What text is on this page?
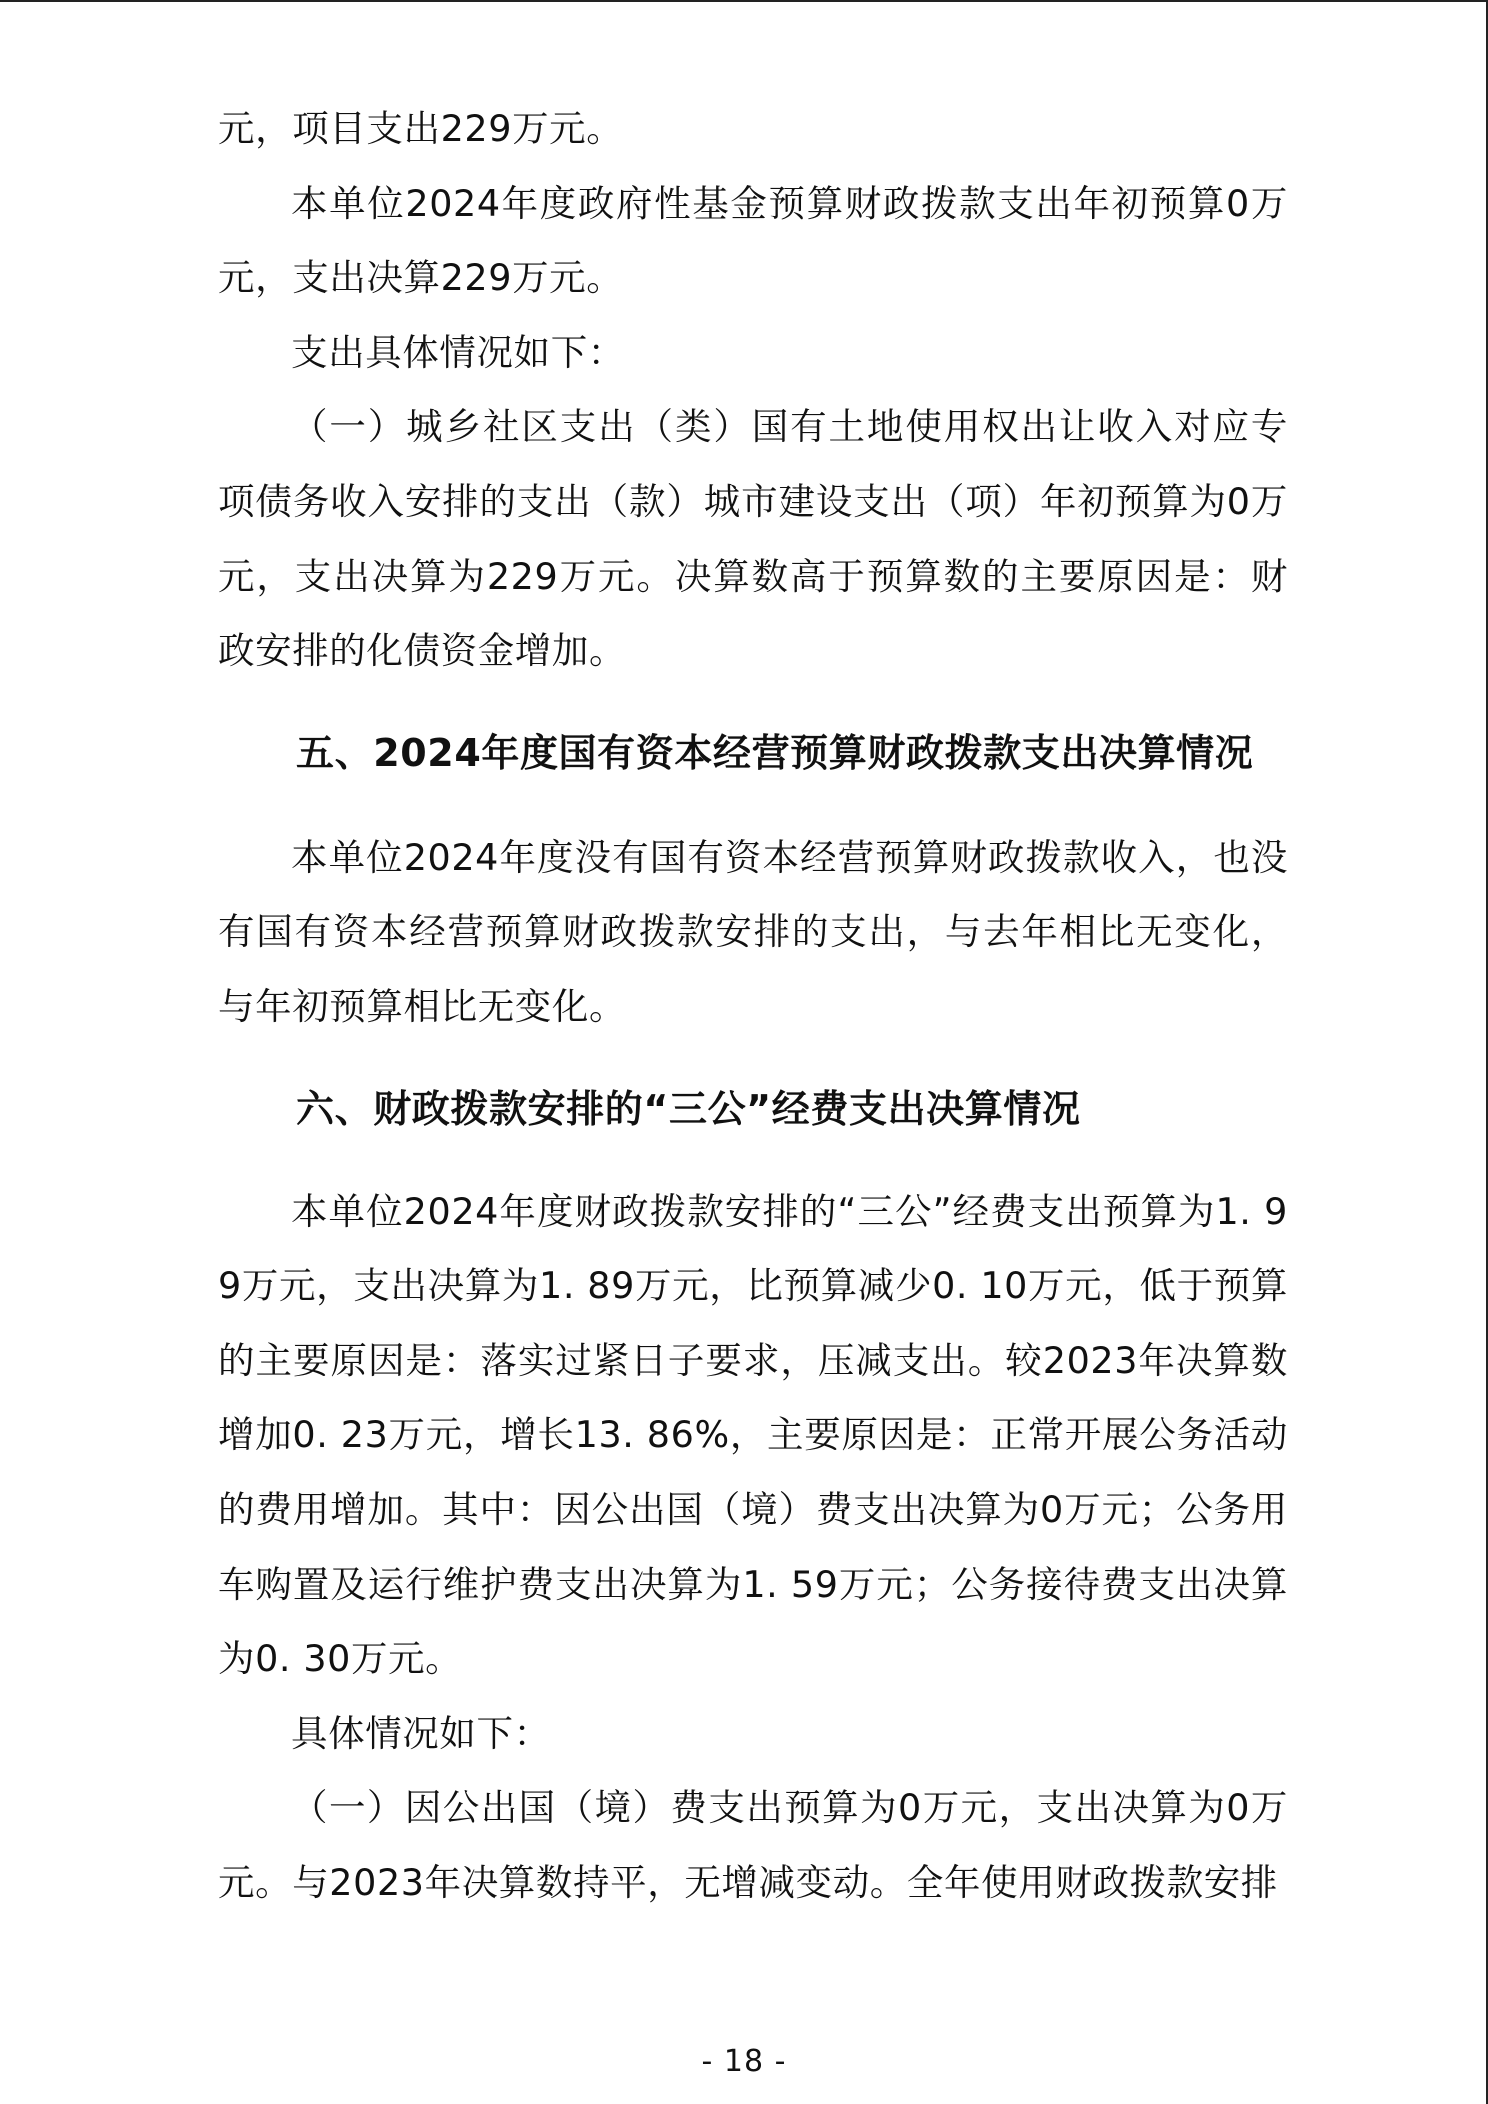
元，项目支出229万元。

本单位2024年度政府性基金预算财政拨款支出年初预算0万元，支出决算229万元。

支出具体情况如下：

（一）城乡社区支出（类）国有土地使用权出让收入对应专项债务收入安排的支出（款）城市建设支出（项）年初预算为0万元，支出决算为229万元。决算数高于预算数的主要原因是：财政安排的化债资金增加。

五、2024年度国有资本经营预算财政拨款支出决算情况

本单位2024年度没有国有资本经营预算财政拨款收入，也没有国有资本经营预算财政拨款安排的支出，与去年相比无变化，与年初预算相比无变化。

六、财政拨款安排的“三公”经费支出决算情况

本单位2024年度财政拨款安排的“三公”经费支出预算为1. 99万元，支出决算为1. 89万元，比预算减少0. 10万元，低于预算的主要原因是：落实过紧日子要求，压减支出。较2023年决算数增加0. 23万元，增长13. 86%，主要原因是：正常开展公务活动的费用增加。其中：因公出国（境）费支出决算为0万元；公务用车购置及运行维护费支出决算为1. 59万元；公务接待费支出决算为0. 30万元。

具体情况如下：

（一）因公出国（境）费支出预算为0万元，支出决算为0万元。与2023年决算数持平，无增减变动。全年使用财政拨款安排

- 18 -
